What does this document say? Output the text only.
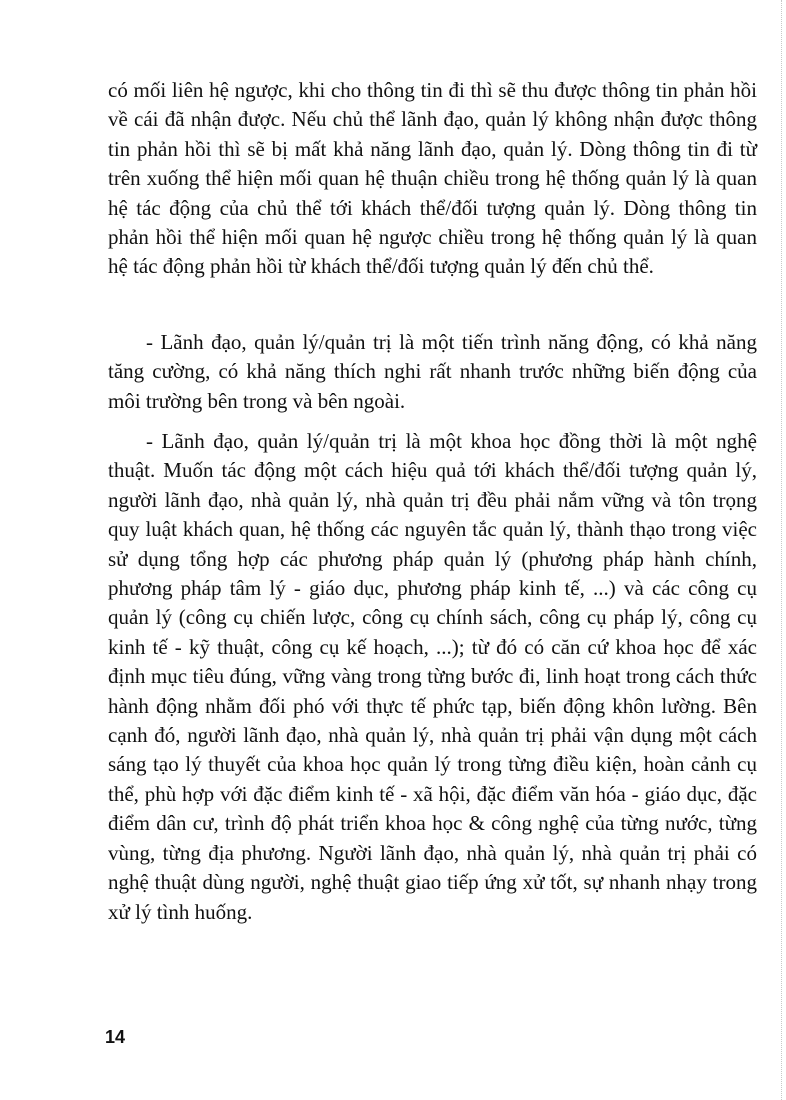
có mối liên hệ ngược, khi cho thông tin đi thì sẽ thu được thông tin phản hồi về cái đã nhận được. Nếu chủ thể lãnh đạo, quản lý không nhận được thông tin phản hồi thì sẽ bị mất khả năng lãnh đạo, quản lý. Dòng thông tin đi từ trên xuống thể hiện mối quan hệ thuận chiều trong hệ thống quản lý là quan hệ tác động của chủ thể tới khách thể/đối tượng quản lý. Dòng thông tin phản hồi thể hiện mối quan hệ ngược chiều trong hệ thống quản lý là quan hệ tác động phản hồi từ khách thể/đối tượng quản lý đến chủ thể.

- Lãnh đạo, quản lý/quản trị là một tiến trình năng động, có khả năng tăng cường, có khả năng thích nghi rất nhanh trước những biến động của môi trường bên trong và bên ngoài.

- Lãnh đạo, quản lý/quản trị là một khoa học đồng thời là một nghệ thuật. Muốn tác động một cách hiệu quả tới khách thể/đối tượng quản lý, người lãnh đạo, nhà quản lý, nhà quản trị đều phải nắm vững và tôn trọng quy luật khách quan, hệ thống các nguyên tắc quản lý, thành thạo trong việc sử dụng tổng hợp các phương pháp quản lý (phương pháp hành chính, phương pháp tâm lý - giáo dục, phương pháp kinh tế, ...) và các công cụ quản lý (công cụ chiến lược, công cụ chính sách, công cụ pháp lý, công cụ kinh tế - kỹ thuật, công cụ kế hoạch, ...); từ đó có căn cứ khoa học để xác định mục tiêu đúng, vững vàng trong từng bước đi, linh hoạt trong cách thức hành động nhằm đối phó với thực tế phức tạp, biến động khôn lường. Bên cạnh đó, người lãnh đạo, nhà quản lý, nhà quản trị phải vận dụng một cách sáng tạo lý thuyết của khoa học quản lý trong từng điều kiện, hoàn cảnh cụ thể, phù hợp với đặc điểm kinh tế - xã hội, đặc điểm văn hóa - giáo dục, đặc điểm dân cư, trình độ phát triển khoa học & công nghệ của từng nước, từng vùng, từng địa phương. Người lãnh đạo, nhà quản lý, nhà quản trị phải có nghệ thuật dùng người, nghệ thuật giao tiếp ứng xử tốt, sự nhanh nhạy trong xử lý tình huống.

14
